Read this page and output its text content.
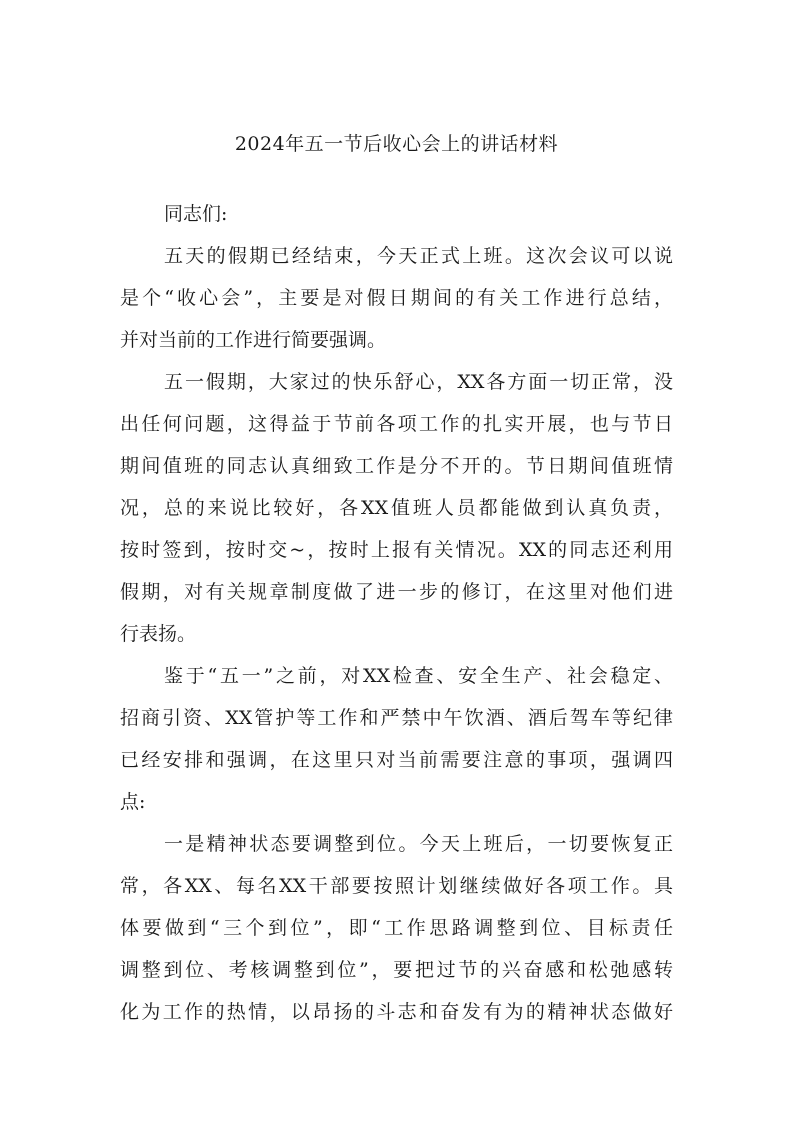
2024年五一节后收心会上的讲话材料
同志们:
五天的假期已经结束，今天正式上班。这次会议可以说
是个“收心会”，主要是对假日期间的有关工作进行总结，
并对当前的工作进行简要强调。
五一假期，大家过的快乐舒心，XX各方面一切正常，没
出任何问题，这得益于节前各项工作的扎实开展，也与节日
期间值班的同志认真细致工作是分不开的。节日期间值班情
况，总的来说比较好，各XX值班人员都能做到认真负责，
按时签到，按时交~，按时上报有关情况。XX的同志还利用
假期，对有关规章制度做了进一步的修订，在这里对他们进
行表扬。
鉴于“五一”之前，对XX检查、安全生产、社会稳定、
招商引资、XX管护等工作和严禁中午饮酒、酒后驾车等纪律
已经安排和强调，在这里只对当前需要注意的事项，强调四
点:
一是精神状态要调整到位。今天上班后，一切要恢复正
常，各XX、每名XX干部要按照计划继续做好各项工作。具
体要做到“三个到位”，即“工作思路调整到位、目标责任
调整到位、考核调整到位”，要把过节的兴奋感和松弛感转
化为工作的热情，以昂扬的斗志和奋发有为的精神状态做好
